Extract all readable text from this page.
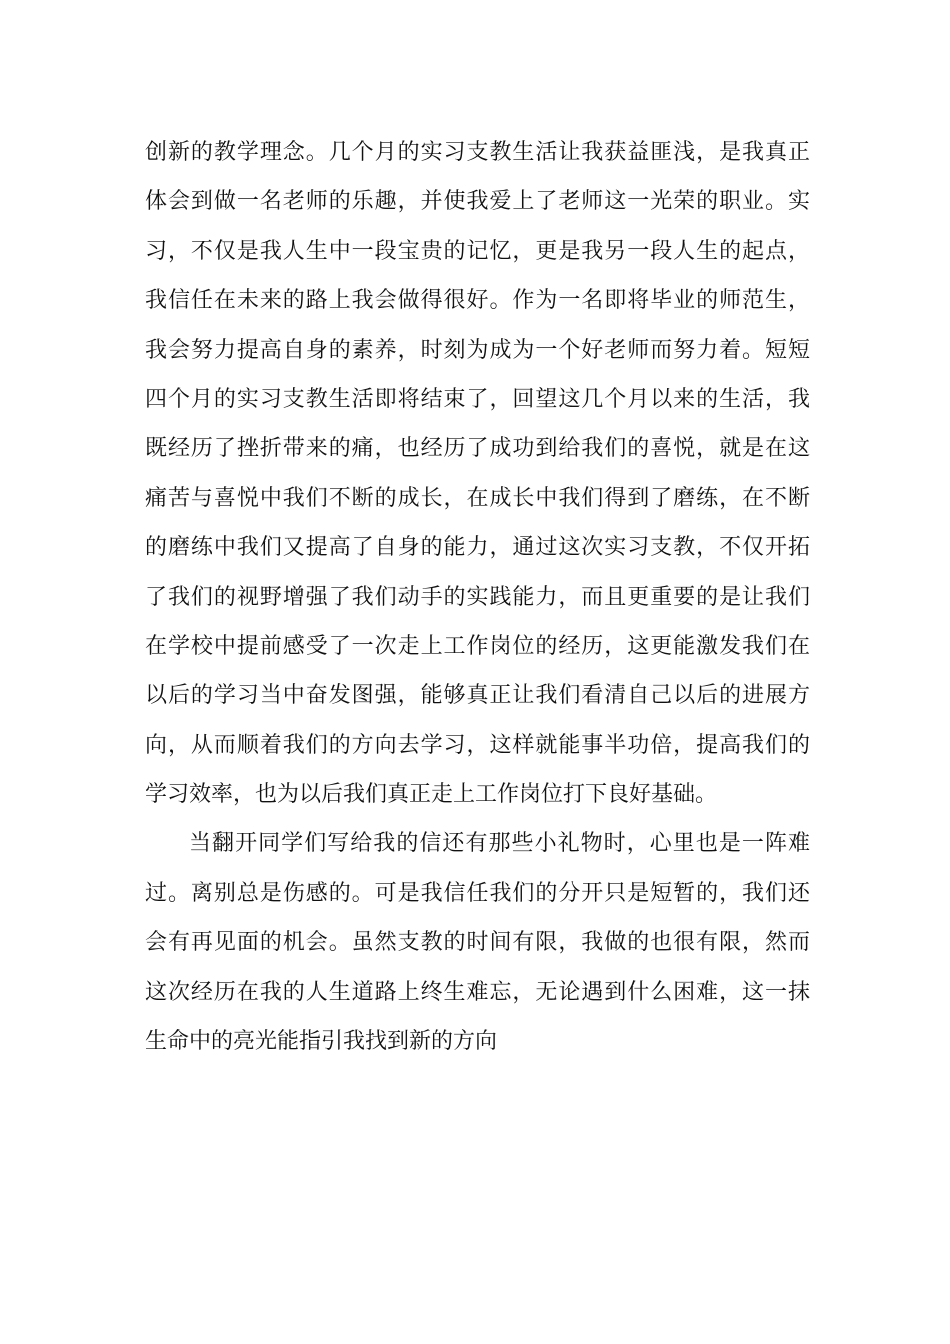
创新的教学理念。几个月的实习支教生活让我获益匪浅，是我真正
体会到做一名老师的乐趣，并使我爱上了老师这一光荣的职业。实
习，不仅是我人生中一段宝贵的记忆，更是我另一段人生的起点，
我信任在未来的路上我会做得很好。作为一名即将毕业的师范生，
我会努力提高自身的素养，时刻为成为一个好老师而努力着。短短
四个月的实习支教生活即将结束了，回望这几个月以来的生活，我
既经历了挫折带来的痛，也经历了成功到给我们的喜悦，就是在这
痛苦与喜悦中我们不断的成长，在成长中我们得到了磨练，在不断
的磨练中我们又提高了自身的能力，通过这次实习支教，不仅开拓
了我们的视野增强了我们动手的实践能力，而且更重要的是让我们
在学校中提前感受了一次走上工作岗位的经历，这更能激发我们在
以后的学习当中奋发图强，能够真正让我们看清自己以后的进展方
向，从而顺着我们的方向去学习，这样就能事半功倍，提高我们的
学习效率，也为以后我们真正走上工作岗位打下良好基础。
当翻开同学们写给我的信还有那些小礼物时，心里也是一阵难
过。离别总是伤感的。可是我信任我们的分开只是短暂的，我们还
会有再见面的机会。虽然支教的时间有限，我做的也很有限，然而
这次经历在我的人生道路上终生难忘，无论遇到什么困难，这一抹
生命中的亮光能指引我找到新的方向
